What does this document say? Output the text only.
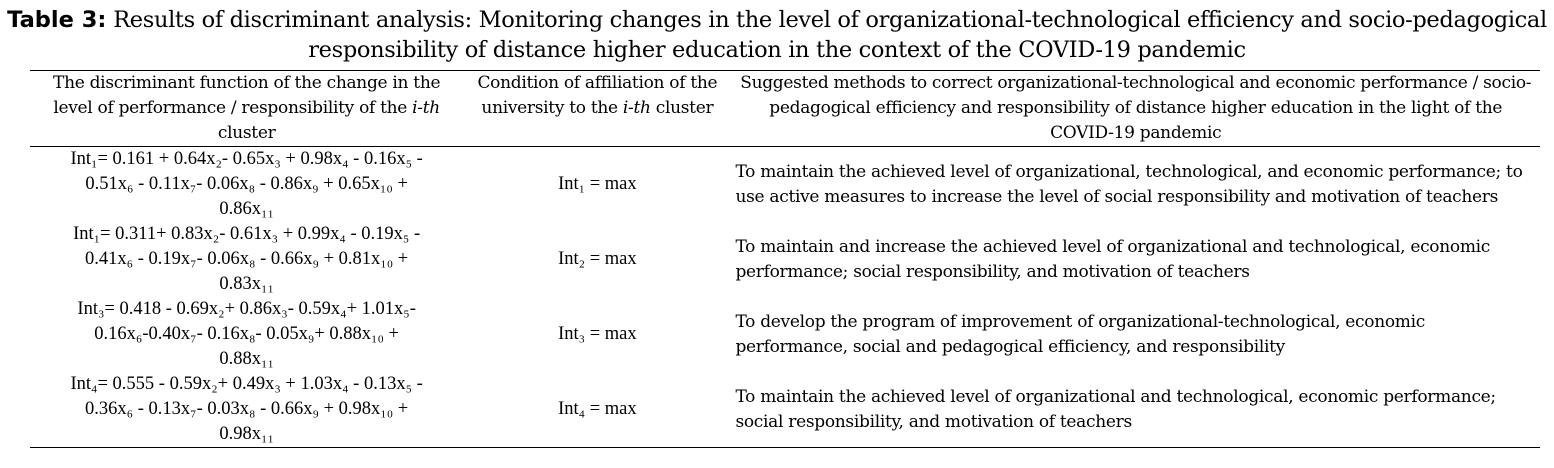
Table 3: Results of discriminant analysis: Monitoring changes in the level of organizational-technological efficiency and socio-pedagogical responsibility of distance higher education in the context of the COVID-19 pandemic

The discriminant function of the change in the level of performance / responsibility of the i-th cluster	Condition of affiliation of the university to the i-th cluster	Suggested methods to correct organizational-technological and economic performance / socio-pedagogical efficiency and responsibility of distance higher education in the light of the COVID-19 pandemic
Int₁= 0.161 + 0.64x₂- 0.65x₃ + 0.98x₄ - 0.16x₅ -
0.51x₆ - 0.11x₇- 0.06x₈ - 0.86x₉ + 0.65x₁₀ +
0.86x₁₁	Int₁ = max	To maintain the achieved level of organizational, technological, and economic performance; to use active measures to increase the level of social responsibility and motivation of teachers
Int₁= 0.311+ 0.83x₂- 0.61x₃ + 0.99x₄ - 0.19x₅ -
0.41x₆ - 0.19x₇- 0.06x₈ - 0.66x₉ + 0.81x₁₀ +
0.83x₁₁	Int₂ = max	To maintain and increase the achieved level of organizational and technological, economic performance; social responsibility, and motivation of teachers
Int₃= 0.418 - 0.69x₂+ 0.86x₃- 0.59x₄+ 1.01x₅-
0.16x₆-0.40x₇- 0.16x₈- 0.05x₉+ 0.88x₁₀ +
0.88x₁₁	Int₃ = max	To develop the program of improvement of organizational-technological, economic performance, social and pedagogical efficiency, and responsibility
Int₄= 0.555 - 0.59x₂+ 0.49x₃ + 1.03x₄ - 0.13x₅ -
0.36x₆ - 0.13x₇- 0.03x₈ - 0.66x₉ + 0.98x₁₀ +
0.98x₁₁	Int₄ = max	To maintain the achieved level of organizational and technological, economic performance; social responsibility, and motivation of teachers
